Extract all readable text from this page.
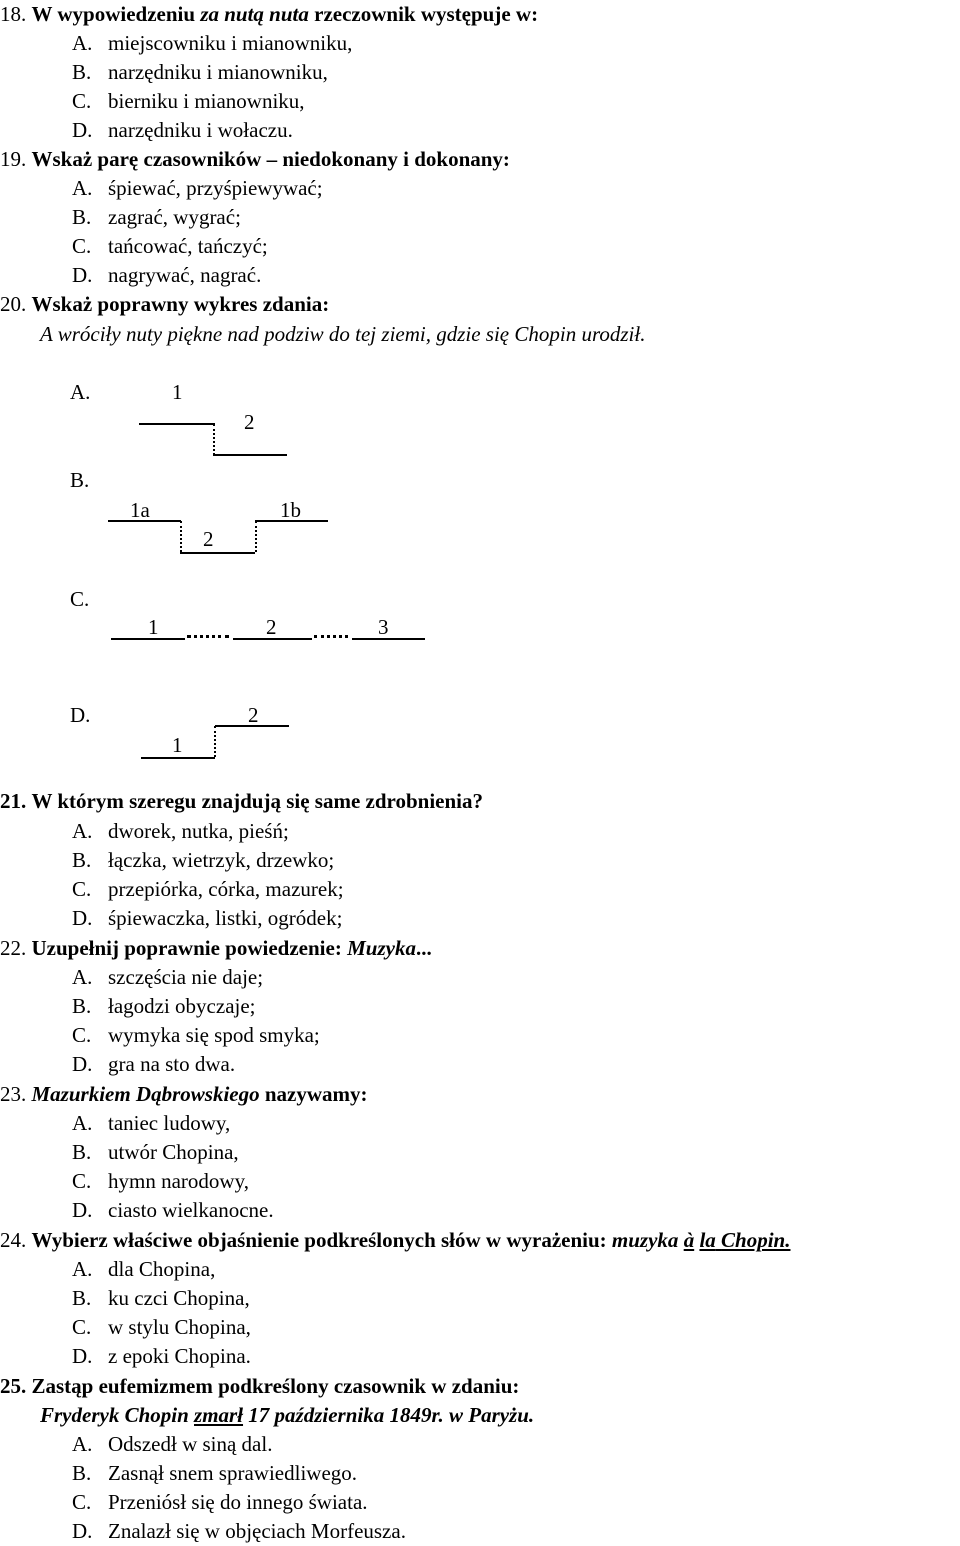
18. W wypowiedzeniu za nutą nuta rzeczownik występuje w:
A. miejscowniku i mianowniku,
B. narzędniku i mianowniku,
C. bierniku i mianowniku,
D. narzędniku i wołaczu.
19. Wskaż parę czasowników – niedokonany i dokonany:
A. śpiewać, przyśpiewywać;
B. zagrać, wygrać;
C. tańcować, tańczyć;
D. nagrywać, nagrać.
20. Wskaż poprawny wykres zdania:
A wróciły nuty piękne nad podziw do tej ziemi, gdzie się Chopin urodził.
A.	1
2
B.
1a	1b
2
C.
1	2	3
D.	2
1
21. W którym szeregu znajdują się same zdrobnienia?
A. dworek, nutka, pieśń;
B. łączka, wietrzyk, drzewko;
C. przepiórka, córka, mazurek;
D. śpiewaczka, listki, ogródek;
22. Uzupełnij poprawnie powiedzenie: Muzyka...
A. szczęścia nie daje;
B. łagodzi obyczaje;
C. wymyka się spod smyka;
D. gra na sto dwa.
23. Mazurkiem Dąbrowskiego nazywamy:
A. taniec ludowy,
B. utwór Chopina,
C. hymn narodowy,
D. ciasto wielkanocne.
24. Wybierz właściwe objaśnienie podkreślonych słów w wyrażeniu: muzyka à la Chopin.
A. dla Chopina,
B. ku czci Chopina,
C. w stylu Chopina,
D. z epoki Chopina.
25. Zastąp eufemizmem podkreślony czasownik w zdaniu:
Fryderyk Chopin zmarł 17 października 1849r. w Paryżu.
A. Odszedł w siną dal.
B. Zasnął snem sprawiedliwego.
C. Przeniósł się do innego świata.
D. Znalazł się w objęciach Morfeusza.
